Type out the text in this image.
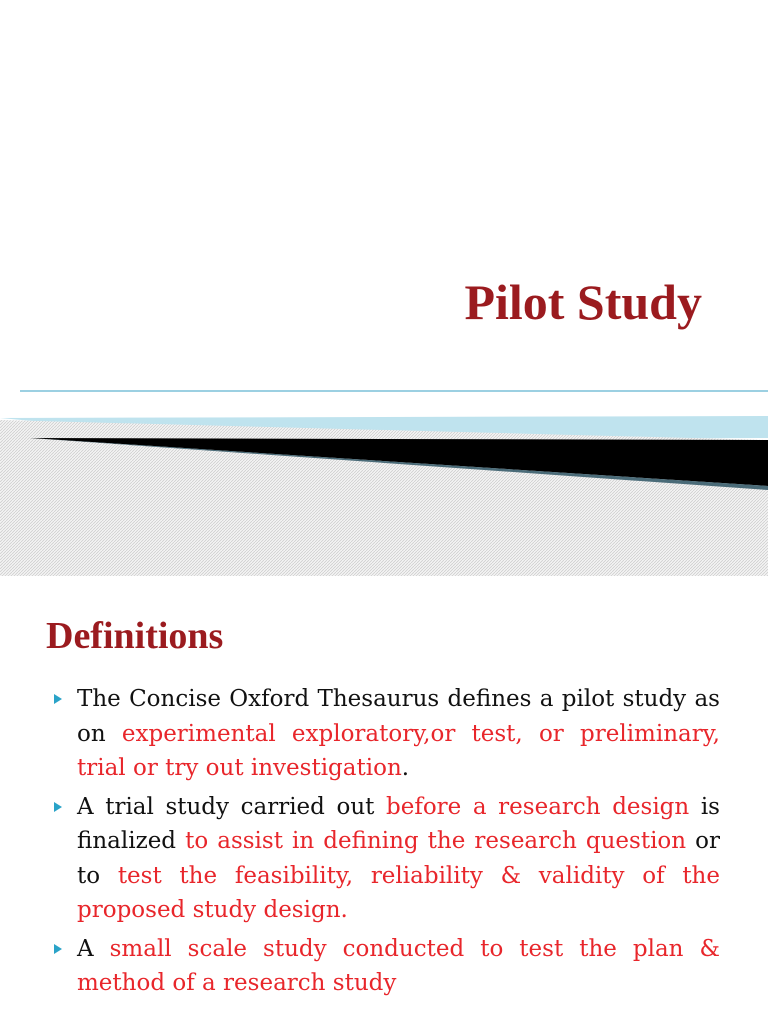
Pilot Study
Definitions
The Concise Oxford Thesaurus defines a pilot study as on experimental exploratory,or test, or preliminary, trial or try out investigation.
A trial study carried out before a research design is finalized to assist in defining the research question or to test the feasibility, reliability & validity of the proposed study design.
A small scale study conducted to test the plan & method of a research study
